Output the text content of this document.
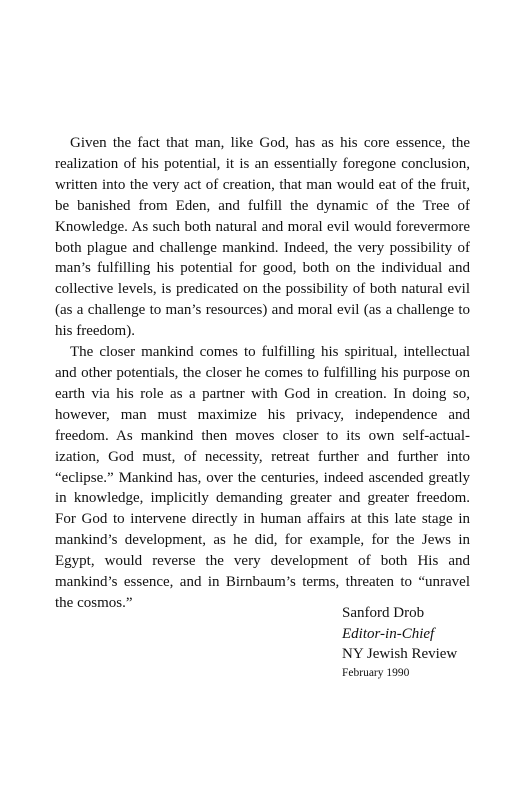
Given the fact that man, like God, has as his core essence, the realization of his potential, it is an essentially foregone conclusion, written into the very act of creation, that man would eat of the fruit, be banished from Eden, and fulfill the dynamic of the Tree of Knowledge. As such both natural and moral evil would forevermore both plague and challenge mankind. Indeed, the very possibility of man’s fulfilling his potential for good, both on the individual and collective levels, is predicated on the possibility of both natural evil (as a challenge to man’s resources) and moral evil (as a challenge to his freedom).

The closer mankind comes to fulfilling his spiritual, intellectual and other potentials, the closer he comes to fulfilling his purpose on earth via his role as a partner with God in creation. In doing so, however, man must maximize his privacy, independence and freedom. As mankind then moves closer to its own self-actualization, God must, of necessity, retreat further and further into “eclipse.” Mankind has, over the centuries, indeed ascended greatly in knowledge, implicitly demanding greater and greater freedom. For God to intervene directly in human affairs at this late stage in mankind’s development, as he did, for example, for the Jews in Egypt, would reverse the very development of both His and mankind’s essence, and in Birnbaum’s terms, threaten to “unravel the cosmos.”

Sanford Drob

Editor-in-Chief

NY Jewish Review

February 1990
